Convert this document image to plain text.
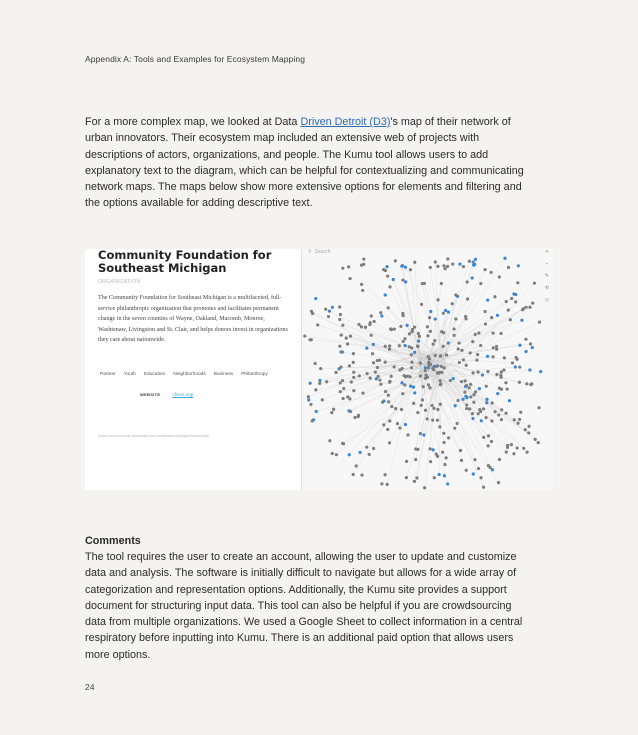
Appendix A: Tools and Examples for Ecosystem Mapping
For a more complex map, we looked at Data Driven Detroit (D3)'s map of their network of urban innovators. Their ecosystem map included an extensive web of projects with descriptions of actors, organizations, and people. The Kumu tool allows users to add explanatory text to the diagram, which can be helpful for contextualizing and communicating network maps. The maps below show more extensive options for elements and filtering and the options available for adding descriptive text.
Community Foundation for Southeast Michigan
ORGANIZATION
The Community Foundation for Southeast Michigan is a multifaceted, full-service philanthropic organization that promotes and facilitates permanent change in the seven counties of Wayne, Oakland, Macomb, Monroe, Washtenaw, Livingston and St. Clair, and helps donors invest in organizations they care about nationwide.
Partner	Youth	Education	Neighborhoods	Business	Philanthropy
WEBSITE	cfsem.org/
kumu.io/community-foundation-for-southeast-michigan/community
⚲ Search	+
−
✎
⟲
◇
Comments
The tool requires the user to create an account, allowing the user to update and customize data and analysis. The software is initially difficult to navigate but allows for a wide array of categorization and representation options. Additionally, the Kumu site provides a support document for structuring input data. This tool can also be helpful if you are crowdsourcing data from multiple organizations. We used a Google Sheet to collect information in a central respiratory before inputting into Kumu. There is an additional paid option that allows users more options.
24
